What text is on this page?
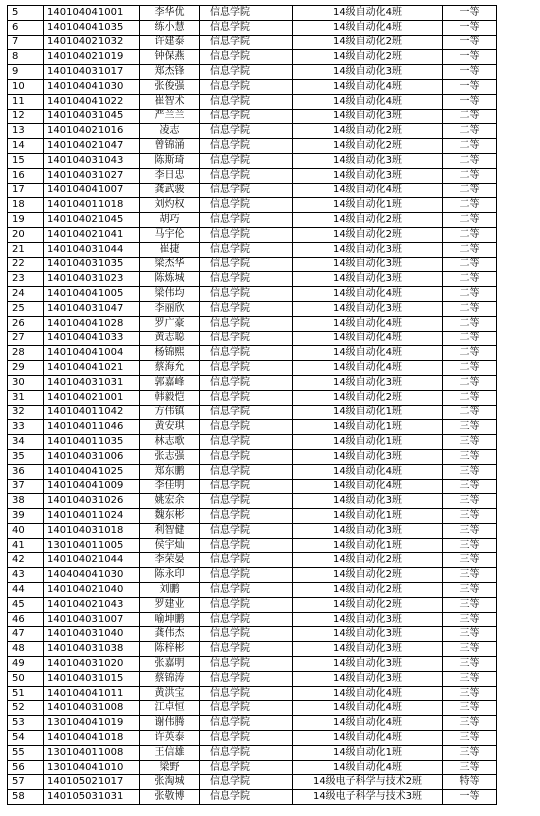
5	140104041001	李华优	信息学院	14级自动化4班	一等
6	140104041035	练小慧	信息学院	14级自动化4班	一等
7	140104021032	许建泰	信息学院	14级自动化2班	一等
8	140104021019	钟保燕	信息学院	14级自动化2班	一等
9	140104031017	郑杰锋	信息学院	14级自动化3班	一等
10	140104041030	张俊强	信息学院	14级自动化4班	一等
11	140104041022	崔智术	信息学院	14级自动化4班	一等
12	140104031045	严兰兰	信息学院	14级自动化3班	二等
13	140104021016	凌志	信息学院	14级自动化2班	二等
14	140104021047	曾锦涌	信息学院	14级自动化2班	二等
15	140104031043	陈斯琦	信息学院	14级自动化3班	二等
16	140104031027	李日忠	信息学院	14级自动化3班	二等
17	140104041007	龚武骏	信息学院	14级自动化4班	二等
18	140104011018	刘灼权	信息学院	14级自动化1班	二等
19	140104021045	胡巧	信息学院	14级自动化2班	二等
20	140104021041	马宇伦	信息学院	14级自动化2班	二等
21	140104031044	崔捷	信息学院	14级自动化3班	二等
22	140104031035	梁杰华	信息学院	14级自动化3班	二等
23	140104031023	陈炼城	信息学院	14级自动化3班	二等
24	140104041005	梁伟均	信息学院	14级自动化4班	二等
25	140104031047	李丽欣	信息学院	14级自动化3班	二等
26	140104041028	罗广豪	信息学院	14级自动化4班	二等
27	140104041033	黄志聪	信息学院	14级自动化4班	二等
28	140104041004	杨锦熙	信息学院	14级自动化4班	二等
29	140104041021	蔡海允	信息学院	14级自动化4班	二等
30	140104031031	郭嘉峰	信息学院	14级自动化3班	二等
31	140104021001	韩毅恺	信息学院	14级自动化2班	二等
32	140104011042	方伟镇	信息学院	14级自动化1班	二等
33	140104011046	黄安琪	信息学院	14级自动化1班	三等
34	140104011035	林志歌	信息学院	14级自动化1班	三等
35	140104031006	张志强	信息学院	14级自动化3班	三等
36	140104041025	郑东鹏	信息学院	14级自动化4班	三等
37	140104041009	李佳明	信息学院	14级自动化4班	三等
38	140104031026	姚宏余	信息学院	14级自动化3班	三等
39	140104011024	魏东彬	信息学院	14级自动化1班	三等
40	140104031018	利智健	信息学院	14级自动化3班	三等
41	130104011005	侯宇灿	信息学院	14级自动化1班	三等
42	140104021044	李荣晏	信息学院	14级自动化2班	三等
43	140404041030	陈永印	信息学院	14级自动化2班	三等
44	140104021040	刘鹏	信息学院	14级自动化2班	三等
45	140104021043	罗建业	信息学院	14级自动化2班	三等
46	140104031007	喻坤鹏	信息学院	14级自动化3班	三等
47	140104031040	龚伟杰	信息学院	14级自动化3班	三等
48	140104031038	陈梓彬	信息学院	14级自动化3班	三等
49	140104031020	张嘉明	信息学院	14级自动化3班	三等
50	140104031015	蔡锦涛	信息学院	14级自动化3班	三等
51	140104041011	黄洪宝	信息学院	14级自动化4班	三等
52	140104031008	江卓恒	信息学院	14级自动化4班	三等
53	130104041019	谢伟腾	信息学院	14级自动化4班	三等
54	140104041018	许英泰	信息学院	14级自动化4班	三等
55	130104011008	王信雄	信息学院	14级自动化1班	三等
56	130104041010	梁野	信息学院	14级自动化4班	三等
57	140105021017	张淘城	信息学院	14级电子科学与技术2班	特等
58	140105031031	张敬博	信息学院	14级电子科学与技术3班	一等
